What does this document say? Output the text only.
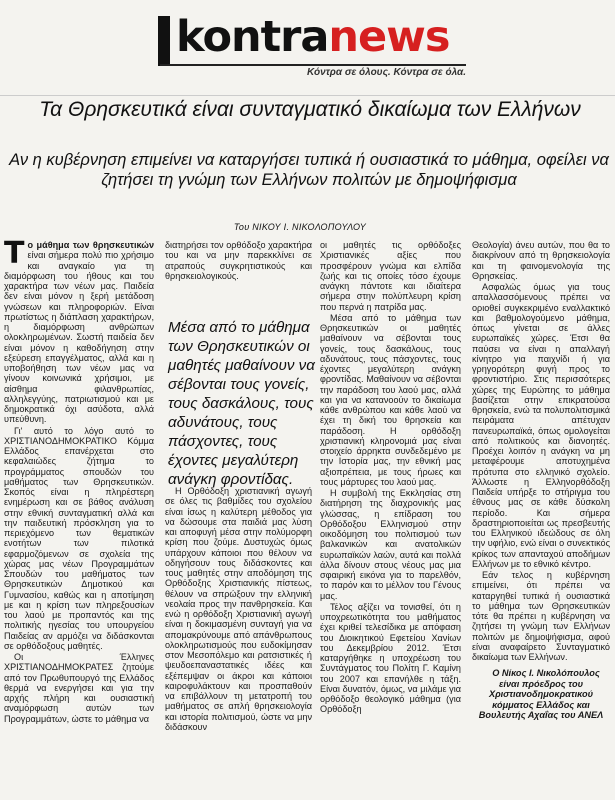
kontranews
Κόντρα σε όλους. Κόντρα σε όλα.
Τα Θρησκευτικά είναι συνταγματικό δικαίωμα των Ελλήνων
Αν η κυβέρνηση επιμείνει να καταργήσει τυπικά ή ουσιαστικά το μάθημα, οφείλει να ζητήσει τη γνώμη των Ελλήνων πολιτών με δημοψήφισμα
Του ΝΙΚΟΥ Ι. ΝΙΚΟΛΟΠΟΥΛΟΥ

Το μάθημα των θρησκευτικών είναι σήμερα πολύ πιο χρήσιμο και αναγκαίο για τη διαμόρφωση του ήθους και του χαρακτήρα των νέων μας. Παιδεία δεν είναι μόνον η ξερή μετάδοση γνώσεων και πληροφοριών. Είναι πρωτίστως η διάπλαση χαρακτήρων, η διαμόρφωση ανθρώπων ολοκληρωμένων. Σωστή παιδεία δεν είναι μόνον η καθοδήγηση στην εξεύρεση επαγγέλματος, αλλά και η υποβοήθηση των νέων μας να γίνουν κοινωνικά χρήσιμοι, με αίσθημα φιλανθρωπίας, αλληλεγγύης, πατριωτισμού και με δημοκρατικά όχι ασύδοτα, αλλά υπεύθυνη.

Γι' αυτό το λόγο αυτό το ΧΡΙΣΤΙΑΝΟΔΗΜΟΚΡΑΤΙΚΟ Κόμμα Ελλάδος επανέρχεται στο κεφαλαιώδες ζήτημα το προγράμματος σπουδών του μαθήματος των Θρησκευτικών. Σκοπός είναι η πληρέστερη ενημέρωση και σε βάθος ανάλυση στην εθνική συνταγματική αλλά και την παιδευτική πρόσκληση για το περιεχόμενο των θεματικών ενοτήτων των πιλοτικά εφαρμοζόμενων σε σχολεία της χώρας μας νέων Προγραμμάτων Σπουδών του μαθήματος των Θρησκευτικών Δημοτικού και Γυμνασίου, καθώς και η αποτίμηση με και η κρίση των πληρεξουσίων του λαού με προπαντός και της πολιτικής ηγεσίας του υπουργείου Παιδείας αν αρμόζει να διδάσκονται σε ορθόδοξους μαθητές.

Οι Έλληνες ΧΡΙΣΤΙΑΝΟΔΗΜΟΚΡΑΤΕΣ ζητούμε από τον Πρωθυπουργό της Ελλάδος θερμά να ενεργήσει και για την αρχής πλήρη και ουσιαστική αναμόρφωση αυτών των Προγραμμάτων, ώστε το μάθημα να

διατηρήσει τον ορθόδοξο χαρακτήρα του και να μην παρεκκλίνει σε ατραπούς συγκρητιστικούς και θρησκειολογικούς.

Η Ορθόδοξη χριστιανική αγωγή σε όλες τις βαθμίδες του σχολείου είναι ίσως η καλύτερη μέθοδος για να δώσουμε στα παιδιά μας λύση και αποφυγή μέσα στην πολύμορφη κρίση που ζούμε. Δυστυχώς όμως υπάρχουν κάποιοι που θέλουν να οδηγήσουν τους διδάσκοντες και τους μαθητές στην αποδόμηση της Ορθόδοξης Χριστιανικής πίστεως, θέλουν να σπρώξουν την ελληνική νεολαία προς την πανθρησκεία. Και ενώ η ορθόδοξη Χριστιανική αγωγή είναι η δοκιμασμένη συνταγή για να απομακρύνουμε από απάνθρωπους ολοκληρωτισμούς που ευδοκίμησαν στον Μεσοπόλεμο και ρατσιστικές ή ψευδοεπαναστατικές ιδέες και εξέπεμψαν οι άκροι και κάποιοι καιροφυλάκτουν και προσπαθούν να επιβάλλουν τη μετατροπή του μαθήματος σε απλή θρησκειολογία και ιστορία πολιτισμού, ώστε να μην διδάσκουν

Μέσα από το μάθημα των Θρησκευτικών οι μαθητές μαθαίνουν να σέβονται τους γονείς, τους δασκάλους, τους αδυνάτους, τους πάσχοντες, τους έχοντες μεγαλύτερη ανάγκη φροντίδας.

οι μαθητές τις ορθόδοξες Χριστιανικές αξίες που προσφέρουν γνώμα και ελπίδα ζωής και τις οποίες τόσο έχουμε ανάγκη πάντοτε και ιδιαίτερα σήμερα στην πολύπλευρη κρίση που περνά η πατρίδα μας.

Μέσα από το μάθημα των Θρησκευτικών οι μαθητές μαθαίνουν να σέβονται τους γονείς, τους δασκάλους, τους αδυνάτους, τους πάσχοντες, τους έχοντες μεγαλύτερη ανάγκη φροντίδας. Μαθαίνουν να σέβονται την παράδοση του λαού μας, αλλά και για να κατανοούν το δικαίωμα κάθε ανθρώπου και κάθε λαού να έχει τη δική του θρησκεία και παράδοση. Η ορθόδοξη χριστιανική κληρονομιά μας είναι στοιχείο άρρηκτα συνδεδεμένο με την Ιστορία μας, την εθνική μας αξιοπρέπεια, με τους ήρωες και τους μάρτυρες του λαού μας.

Η συμβολή της Εκκλησίας στη διατήρηση της διαχρονικής μας γλώσσας, η επίδραση του Ορθόδοξου Ελληνισμού στην οικοδόμηση του πολιτισμού των βαλκανικών και ανατολικών ευρωπαϊκών λαών, αυτά και πολλά άλλα δίνουν στους νέους μας μια σφαιρική εικόνα για το παρελθόν, το παρόν και το μέλλον του Γένους μας.

Τέλος αξίζει να τονισθεί, ότι η υποχρεωτικότητα του μαθήματος έχει κριθεί τελεσίδικα με απόφαση του Διοικητικού Εφετείου Χανίων του Δεκεμβρίου 2012. Έτσι καταργήθηκε η υποχρέωση του Συντάγματος του Πολίτη Γ. Καμίνη του 2007 και επανήλθε η τάξη. Είναι δυνατόν, όμως, να μιλάμε για ορθόδοξο θεολογικό μάθημα (για Ορθόδοξη

Θεολογία) άνευ αυτών, που θα το διακρίνουν από τη θρησκειολογία και τη φαινομενολογία της Θρησκείας.

Ασφαλώς όμως για τους απαλλασσόμενους πρέπει να οριοθεί συγκεκριμένο εναλλακτικό και βαθμολογούμενο μάθημα, όπως γίνεται σε άλλες ευρωπαϊκές χώρες. Έτσι θα παύσει να είναι η απαλλαγή κίνητρο για παιχνίδι ή για γρηγορότερη φυγή προς το φροντιστήριο. Στις περισσότερες χώρες της Ευρώπης το μάθημα βασίζεται στην επικρατούσα θρησκεία, ενώ τα πολυπολιτισμικά πειράματα απέτυχαν πανευρωπαϊκά, όπως ομολογείται από πολιτικούς και διανοητές. Προέχει λοιπόν η ανάγκη να μη μεταφέρουμε αποτυχημένα πρότυπα στο ελληνικό σχολείο. Άλλωστε η Ελληνορθόδοξη Παιδεία υπήρξε το στήριγμα του έθνους μας σε κάθε δύσκολη περίοδο. Και σήμερα δραστηριοποιείται ως πρεσβευτής του Ελληνικού ιδεώδους σε όλη την υφήλιο, ενώ είναι ο συνεκτικός κρίκος των απανταχού αποδήμων Ελλήνων με το εθνικό κέντρο.

Εάν τελος η κυβέρνηση επιμείνει, ότι πρέπει να καταργηθεί τυπικά ή ουσιαστικά το μάθημα των Θρησκευτικών τότε θα πρέπει η κυβέρνηση να ζητήσει τη γνώμη των Ελλήνων πολιτών με δημοψήφισμα, αφού είναι αναφαίρετο Συνταγματικό δικαίωμα των Ελλήνων.

Ο Νίκος Ι. Νικολόπουλος είναι πρόεδρος του Χριστιανοδημοκρατικού κόμματος Ελλάδος και Βουλευτής Αχαΐας του ΑΝΕΛ
